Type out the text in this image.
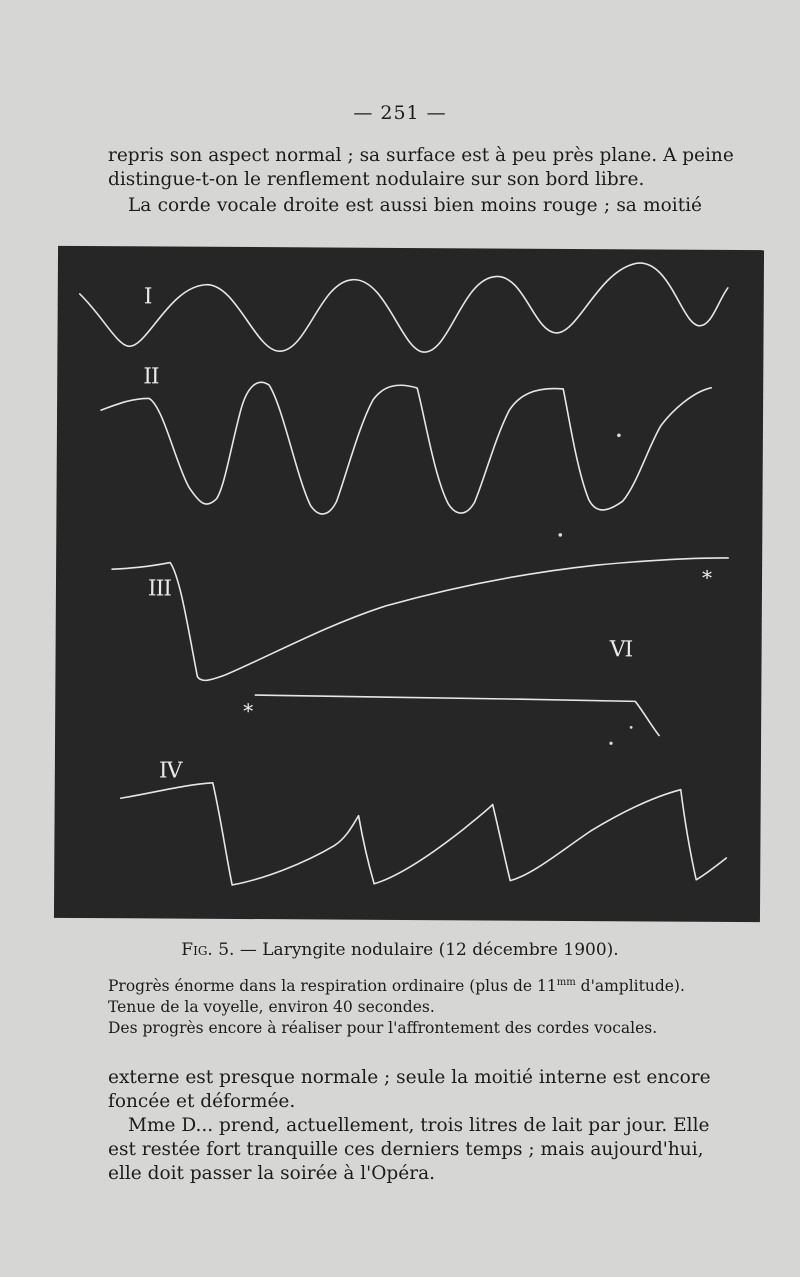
— 251 —
repris son aspect normal ; sa surface est à peu près plane. A peine
distingue-t-on le renflement nodulaire sur son bord libre.
La corde vocale droite est aussi bien moins rouge ; sa moitié
I
II
III
IV
VI
*
*
Fig. 5. — Laryngite nodulaire (12 décembre 1900).
Progrès énorme dans la respiration ordinaire (plus de $11^{mm}$ d'amplitude).
Tenue de la voyelle, environ 40 secondes.
Des progrès encore à réaliser pour l'affrontement des cordes vocales.
externe est presque normale ; seule la moitié interne est encore
foncée et déformée.
Mme D... prend, actuellement, trois litres de lait par jour. Elle
est restée fort tranquille ces derniers temps ; mais aujourd'hui,
elle doit passer la soirée à l'Opéra.
